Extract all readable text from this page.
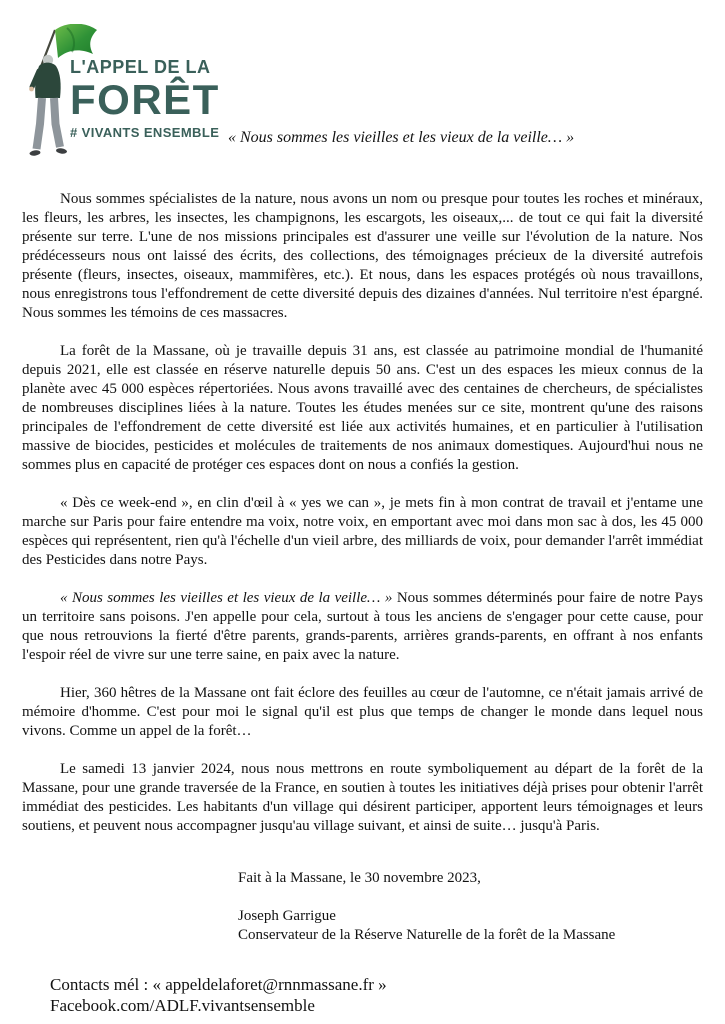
L'APPEL DE LA
FORÊT
# VIVANTS ENSEMBLE « Nous sommes les vieilles et les vieux de la veille… »

Nous sommes spécialistes de la nature, nous avons un nom ou presque pour toutes les roches et minéraux, les fleurs, les arbres, les insectes, les champignons, les escargots, les oiseaux,... de tout ce qui fait la diversité présente sur terre. L'une de nos missions principales est d'assurer une veille sur l'évolution de la nature. Nos prédécesseurs nous ont laissé des écrits, des collections, des témoignages précieux de la diversité autrefois présente (fleurs, insectes, oiseaux, mammifères, etc.). Et nous, dans les espaces protégés où nous travaillons, nous enregistrons tous l'effondrement de cette diversité depuis des dizaines d'années. Nul territoire n'est épargné. Nous sommes les témoins de ces massacres.

La forêt de la Massane, où je travaille depuis 31 ans, est classée au patrimoine mondial de l'humanité depuis 2021, elle est classée en réserve naturelle depuis 50 ans. C'est un des espaces les mieux connus de la planète avec 45 000 espèces répertoriées. Nous avons travaillé avec des centaines de chercheurs, de spécialistes de nombreuses disciplines liées à la nature. Toutes les études menées sur ce site, montrent qu'une des raisons principales de l'effondrement de cette diversité est liée aux activités humaines, et en particulier à l'utilisation massive de biocides, pesticides et molécules de traitements de nos animaux domestiques. Aujourd'hui nous ne sommes plus en capacité de protéger ces espaces dont on nous a confiés la gestion.

« Dès ce week-end », en clin d'œil à « yes we can », je mets fin à mon contrat de travail et j'entame une marche sur Paris pour faire entendre ma voix, notre voix, en emportant avec moi dans mon sac à dos, les 45 000 espèces qui représentent, rien qu'à l'échelle d'un vieil arbre, des milliards de voix, pour demander l'arrêt immédiat des Pesticides dans notre Pays.

« Nous sommes les vieilles et les vieux de la veille… » Nous sommes déterminés pour faire de notre Pays un territoire sans poisons. J'en appelle pour cela, surtout à tous les anciens de s'engager pour cette cause, pour que nous retrouvions la fierté d'être parents, grands-parents, arrières grands-parents, en offrant à nos enfants l'espoir réel de vivre sur une terre saine, en paix avec la nature.

Hier, 360 hêtres de la Massane ont fait éclore des feuilles au cœur de l'automne, ce n'était jamais arrivé de mémoire d'homme. C'est pour moi le signal qu'il est plus que temps de changer le monde dans lequel nous vivons. Comme un appel de la forêt…

Le samedi 13 janvier 2024, nous nous mettrons en route symboliquement au départ de la forêt de la Massane, pour une grande traversée de la France, en soutien à toutes les initiatives déjà prises pour obtenir l'arrêt immédiat des pesticides. Les habitants d'un village qui désirent participer, apportent leurs témoignages et leurs soutiens, et peuvent nous accompagner jusqu'au village suivant, et ainsi de suite… jusqu'à Paris.

Fait à la Massane, le 30 novembre 2023,
Joseph Garrigue
Conservateur de la Réserve Naturelle de la forêt de la Massane
Contacts mél : « appeldelaforet@rnnmassane.fr »
Facebook.com/ADLF.vivantsensemble
